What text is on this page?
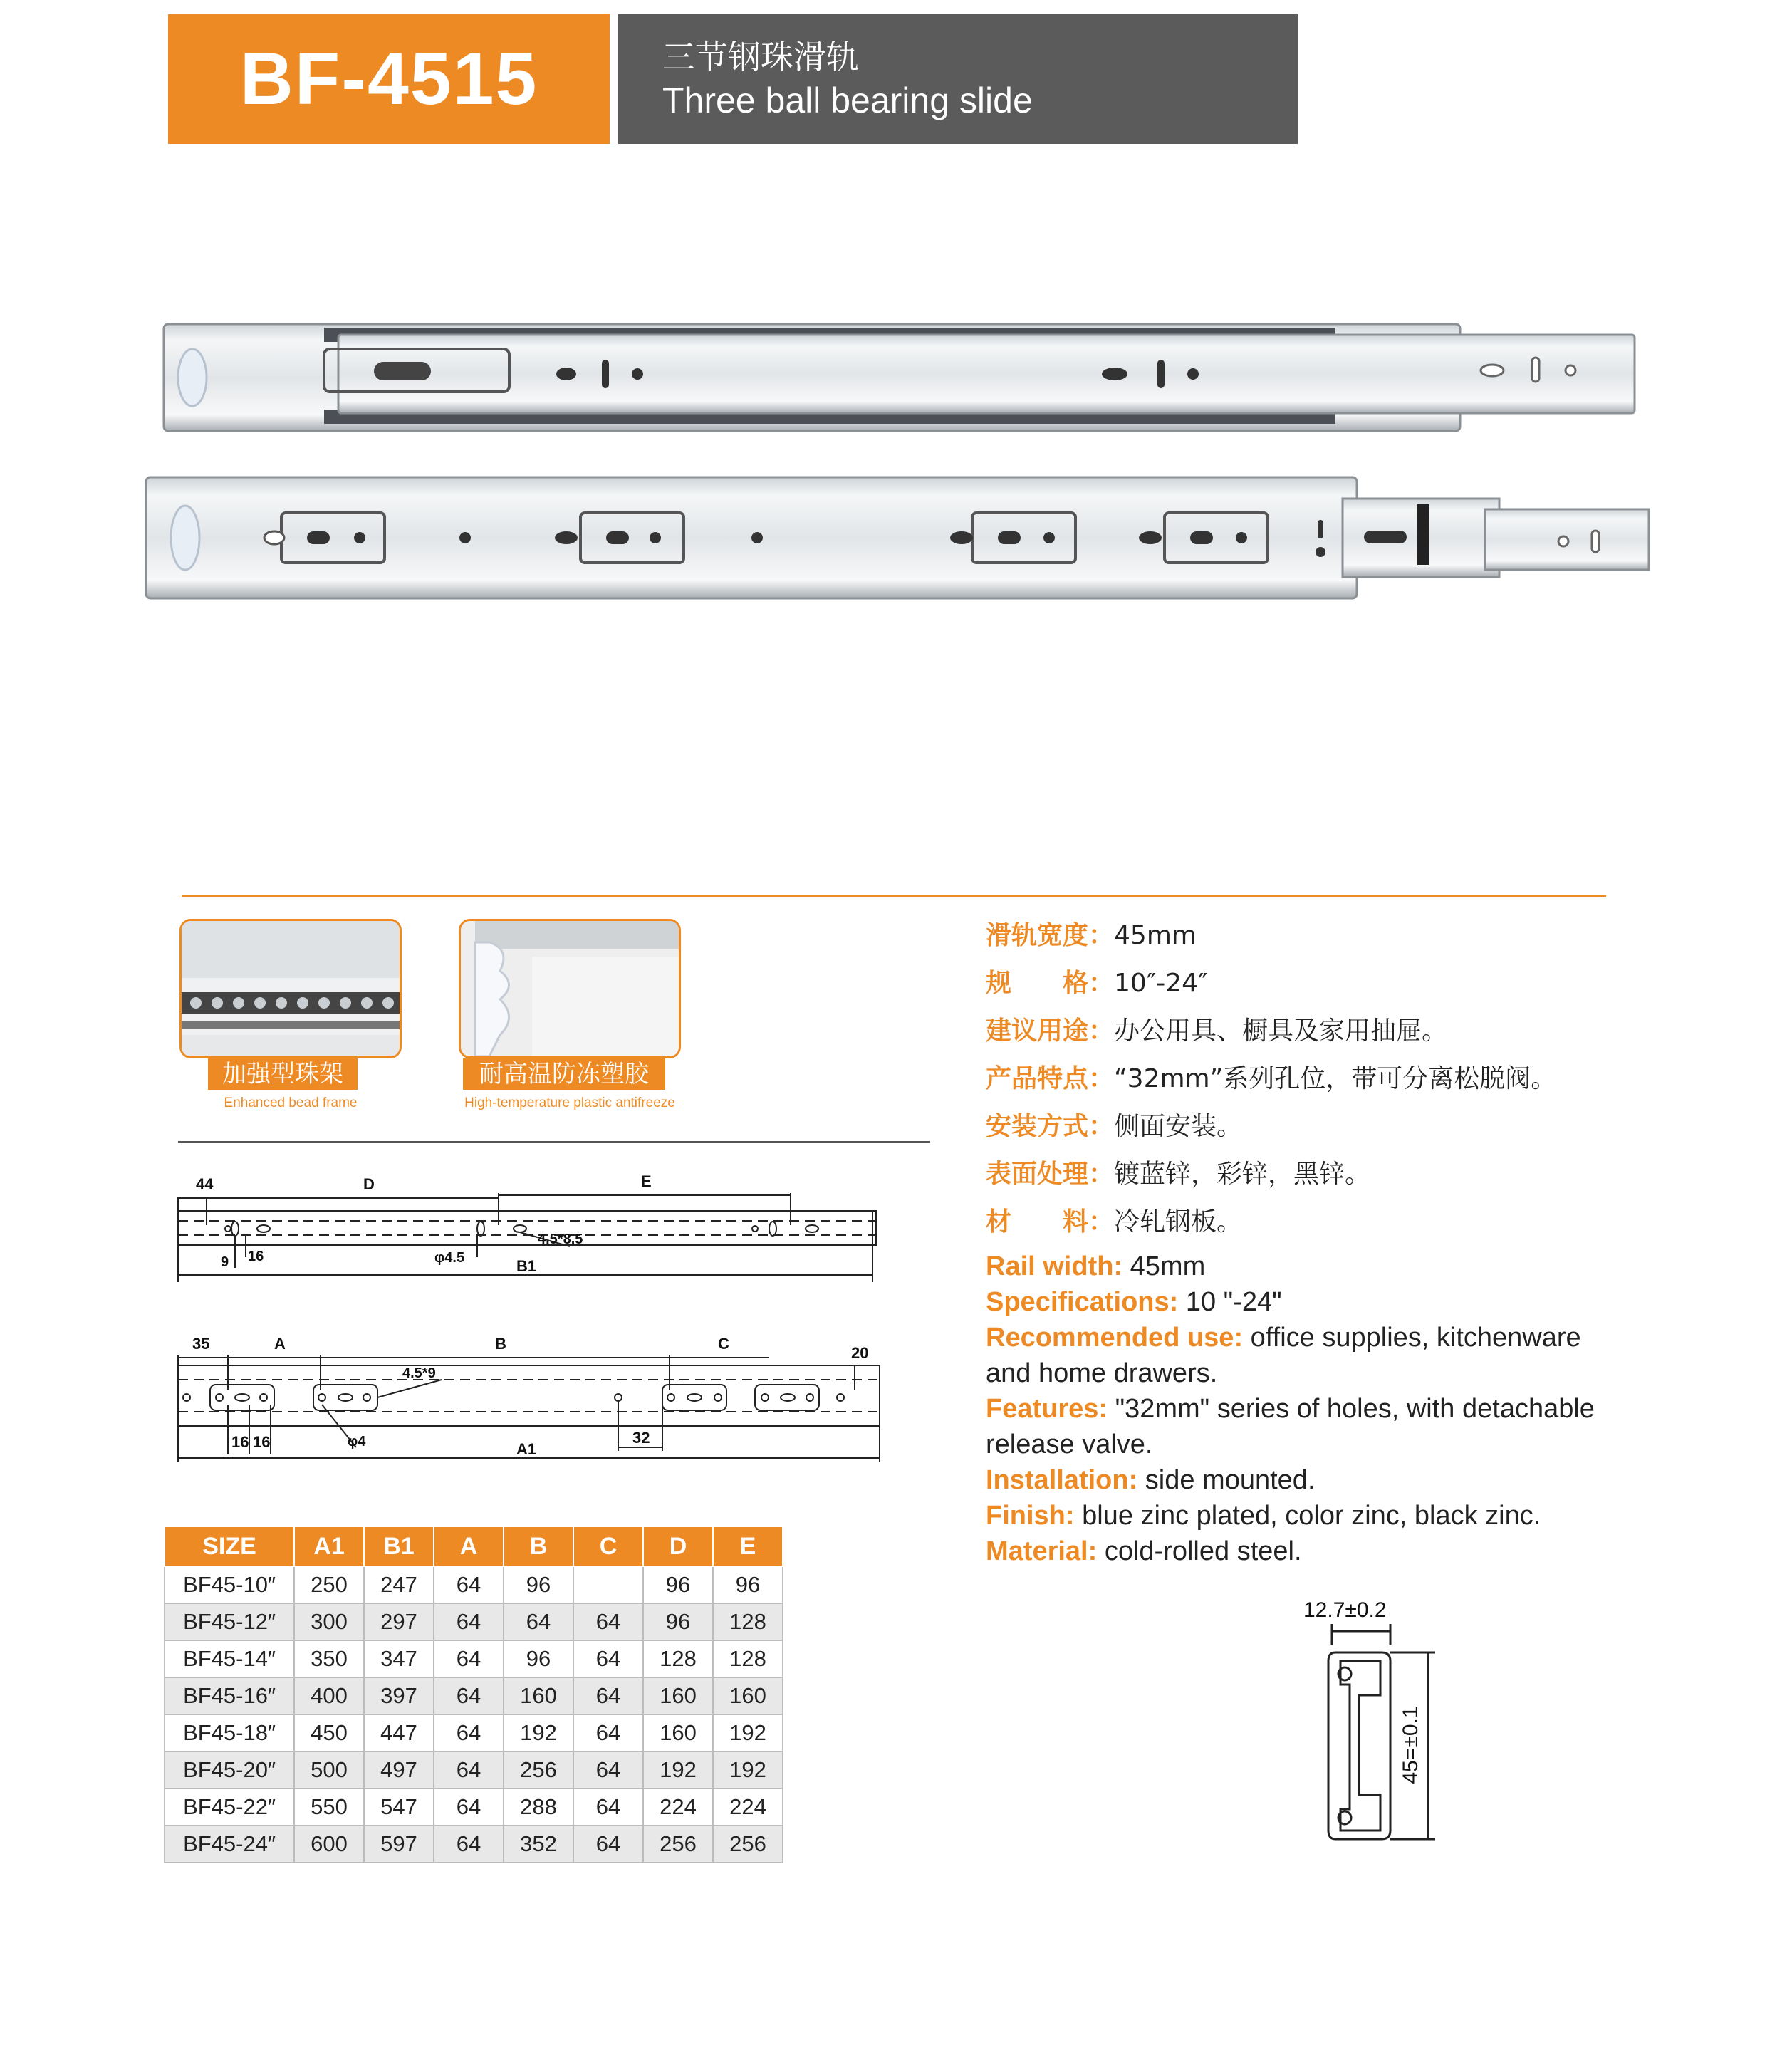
BF-4515	三节钢珠滑轨
Three ball bearing slide
加强型珠架
Enhanced bead frame
耐高温防冻塑胶
High-temperature plastic antifreeze
44	D	E
9 16	φ4.5
4.5*8.5
B1
35	A	B	C
20
4.5*9
16 16	φ4	A1
32
SIZE	A1	B1	A	B	C	D	E
BF45-10″	250	247	64	96		96	96
BF45-12″	300	297	64	64	64	96	128
BF45-14″	350	347	64	96	64	128	128
BF45-16″	400	397	64	160	64	160	160
BF45-18″	450	447	64	192	64	160	192
BF45-20″	500	497	64	256	64	192	192
BF45-22″	550	547	64	288	64	224	224
BF45-24″	600	597	64	352	64	256	256
滑轨宽度：45mm
规　　格：10″-24″
建议用途：办公用具、橱具及家用抽屉。
产品特点：“32mm”系列孔位，带可分离松脱阀。
安装方式：侧面安装。
表面处理：镀蓝锌，彩锌，黑锌。
材　　料：冷轧钢板。

Rail width: 45mm

Specifications: 10 "-24"

Recommended use: office supplies, kitchenware and home drawers.

Features: "32mm" series of holes, with detachable release valve.

Installation: side mounted.

Finish: blue zinc plated, color zinc, black zinc.

Material: cold-rolled steel.

12.7±0.2
45=±0.1
